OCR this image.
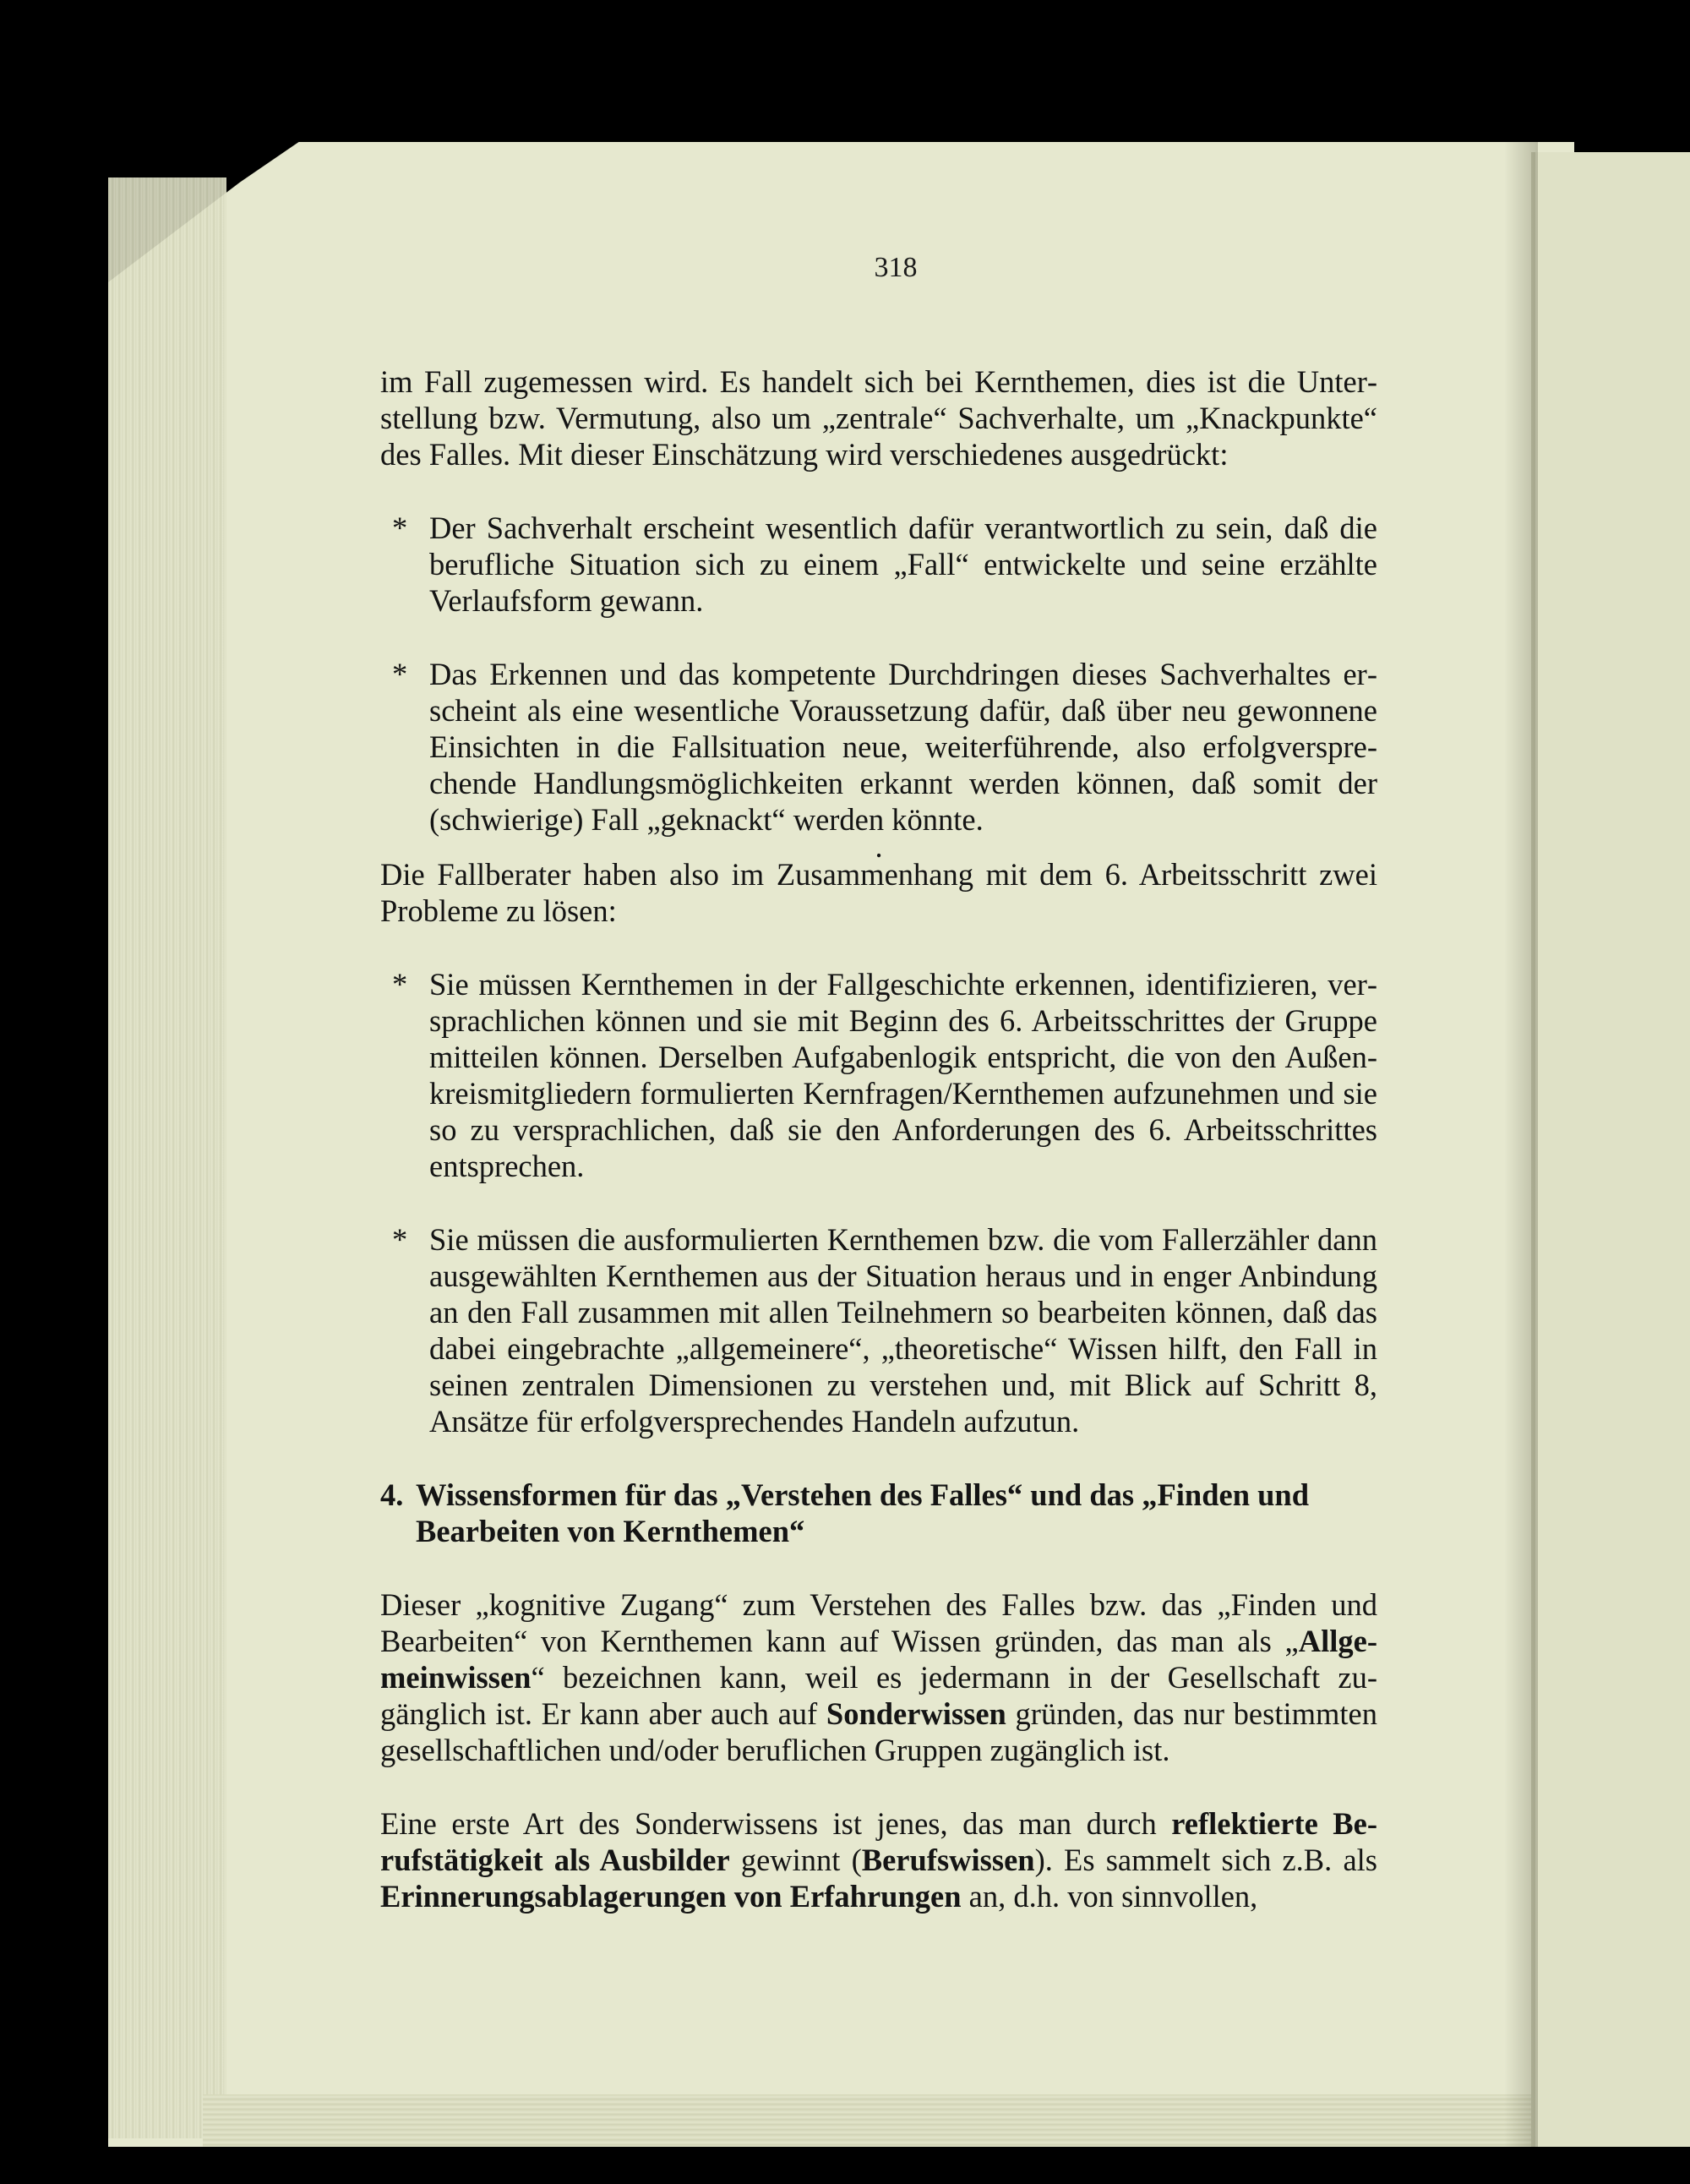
318

im Fall zugemessen wird. Es handelt sich bei Kernthemen, dies ist die Unterstellung bzw. Vermutung, also um „zentrale“ Sachverhalte, um „Knackpunkte“ des Falles. Mit dieser Einschätzung wird verschiedenes ausgedrückt:

* Der Sachverhalt erscheint wesentlich dafür verantwortlich zu sein, daß die berufliche Situation sich zu einem „Fall“ entwickelte und seine erzählte Verlaufsform gewann.

* Das Erkennen und das kompetente Durchdringen dieses Sachverhaltes erscheint als eine wesentliche Voraussetzung dafür, daß über neu gewonnene Einsichten in die Fallsituation neue, weiterführende, also erfolgversprechende Handlungsmöglichkeiten erkannt werden können, daß somit der (schwierige) Fall „geknackt“ werden könnte.

.

Die Fallberater haben also im Zusammenhang mit dem 6. Arbeitsschritt zwei Probleme zu lösen:

* Sie müssen Kernthemen in der Fallgeschichte erkennen, identifizieren, versprachlichen können und sie mit Beginn des 6. Arbeitsschrittes der Gruppe mitteilen können. Derselben Aufgabenlogik entspricht, die von den Außenkreismitgliedern formulierten Kernfragen/Kernthemen aufzunehmen und sie so zu versprachlichen, daß sie den Anforderungen des 6. Arbeitsschrittes entsprechen.

* Sie müssen die ausformulierten Kernthemen bzw. die vom Fallerzähler dann ausgewählten Kernthemen aus der Situation heraus und in enger Anbindung an den Fall zusammen mit allen Teilnehmern so bearbeiten können, daß das dabei eingebrachte „allgemeinere“, „theoretische“ Wissen hilft, den Fall in seinen zentralen Dimensionen zu verstehen und, mit Blick auf Schritt 8, Ansätze für erfolgversprechendes Handeln aufzutun.

4. Wissensformen für das „Verstehen des Falles“ und das „Finden und Bearbeiten von Kernthemen“

Dieser „kognitive Zugang“ zum Verstehen des Falles bzw. das „Finden und Bearbeiten“ von Kernthemen kann auf Wissen gründen, das man als „Allgemeinwissen“ bezeichnen kann, weil es jedermann in der Gesellschaft zugänglich ist. Er kann aber auch auf Sonderwissen gründen, das nur bestimmten gesellschaftlichen und/oder beruflichen Gruppen zugänglich ist.

Eine erste Art des Sonderwissens ist jenes, das man durch reflektierte Berufstätigkeit als Ausbilder gewinnt (Berufswissen). Es sammelt sich z.B. als Erinnerungsablagerungen von Erfahrungen an, d.h. von sinnvollen,
